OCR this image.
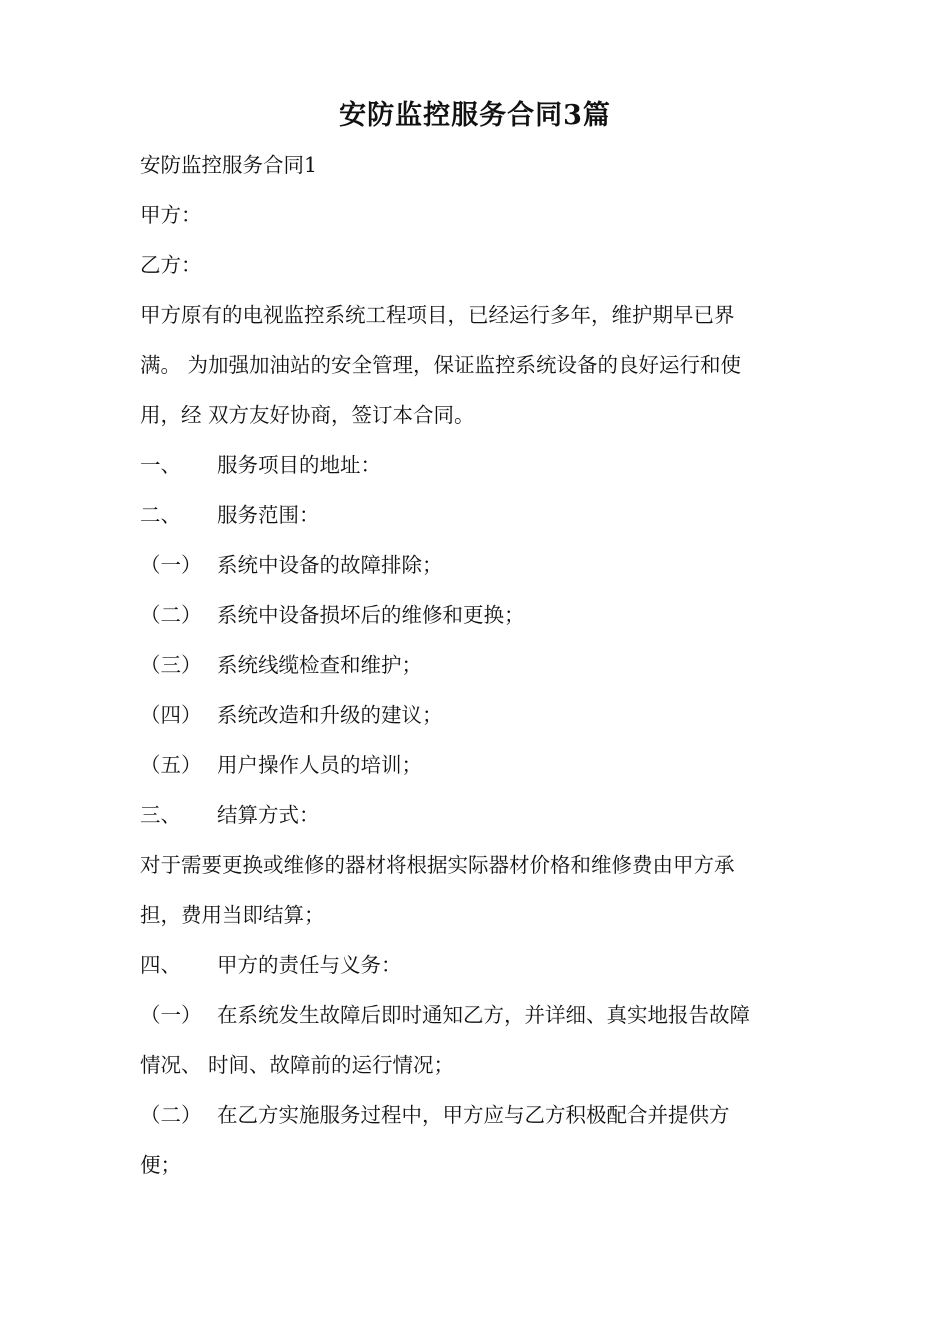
安防监控服务合同3篇

安防监控服务合同1

甲方：

乙方：

甲方原有的电视监控系统工程项目，已经运行多年，维护期早已界

满。 为加强加油站的安全管理，保证监控系统设备的良好运行和使

用，经 双方友好协商，签订本合同。

一、 服务项目的地址：

二、 服务范围：

（一） 系统中设备的故障排除；

（二） 系统中设备损坏后的维修和更换；

（三） 系统线缆检查和维护；

（四） 系统改造和升级的建议；

（五） 用户操作人员的培训；

三、 结算方式：

对于需要更换或维修的器材将根据实际器材价格和维修费由甲方承

担，费用当即结算；

四、 甲方的责任与义务：

（一） 在系统发生故障后即时通知乙方，并详细、真实地报告故障

情况、 时间、故障前的运行情况；

（二） 在乙方实施服务过程中，甲方应与乙方积极配合并提供方

便；
